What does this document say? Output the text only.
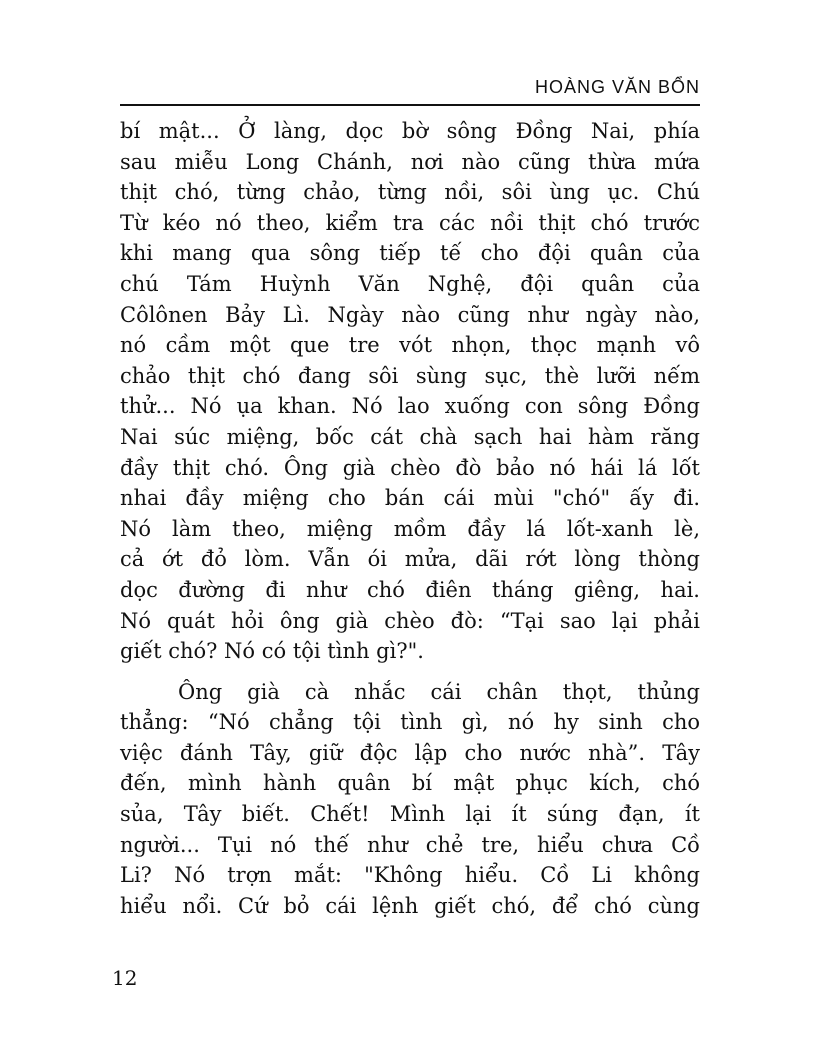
HOÀNG VĂN BỔN
bí mật... Ở làng, dọc bờ sông Đồng Nai, phía
sau miễu Long Chánh, nơi nào cũng thừa mứa
thịt chó, từng chảo, từng nồi, sôi ùng ục. Chú
Từ kéo nó theo, kiểm tra các nồi thịt chó trước
khi mang qua sông tiếp tế cho đội quân của
chú Tám Huỳnh Văn Nghệ, đội quân của
Côlônen Bảy Lì. Ngày nào cũng như ngày nào,
nó cầm một que tre vót nhọn, thọc mạnh vô
chảo thịt chó đang sôi sùng sục, thè lưỡi nếm
thử... Nó ụa khan. Nó lao xuống con sông Đồng
Nai súc miệng, bốc cát chà sạch hai hàm răng
đầy thịt chó. Ông già chèo đò bảo nó hái lá lốt
nhai đầy miệng cho bán cái mùi "chó" ấy đi.
Nó làm theo, miệng mồm đầy lá lốt-xanh lè,
cả ớt đỏ lòm. Vẫn ói mửa, dãi rớt lòng thòng
dọc đường đi như chó điên tháng giêng, hai.
Nó quát hỏi ông già chèo đò: “Tại sao lại phải
giết chó? Nó có tội tình gì?".
Ông già cà nhắc cái chân thọt, thủng
thẳng: “Nó chẳng tội tình gì, nó hy sinh cho
việc đánh Tây, giữ độc lập cho nước nhà”. Tây
đến, mình hành quân bí mật phục kích, chó
sủa, Tây biết. Chết! Mình lại ít súng đạn, ít
người... Tụi nó thế như chẻ tre, hiểu chưa Cồ
Li? Nó trợn mắt: "Không hiểu. Cồ Li không
hiểu nổi. Cứ bỏ cái lệnh giết chó, để chó cùng
12
